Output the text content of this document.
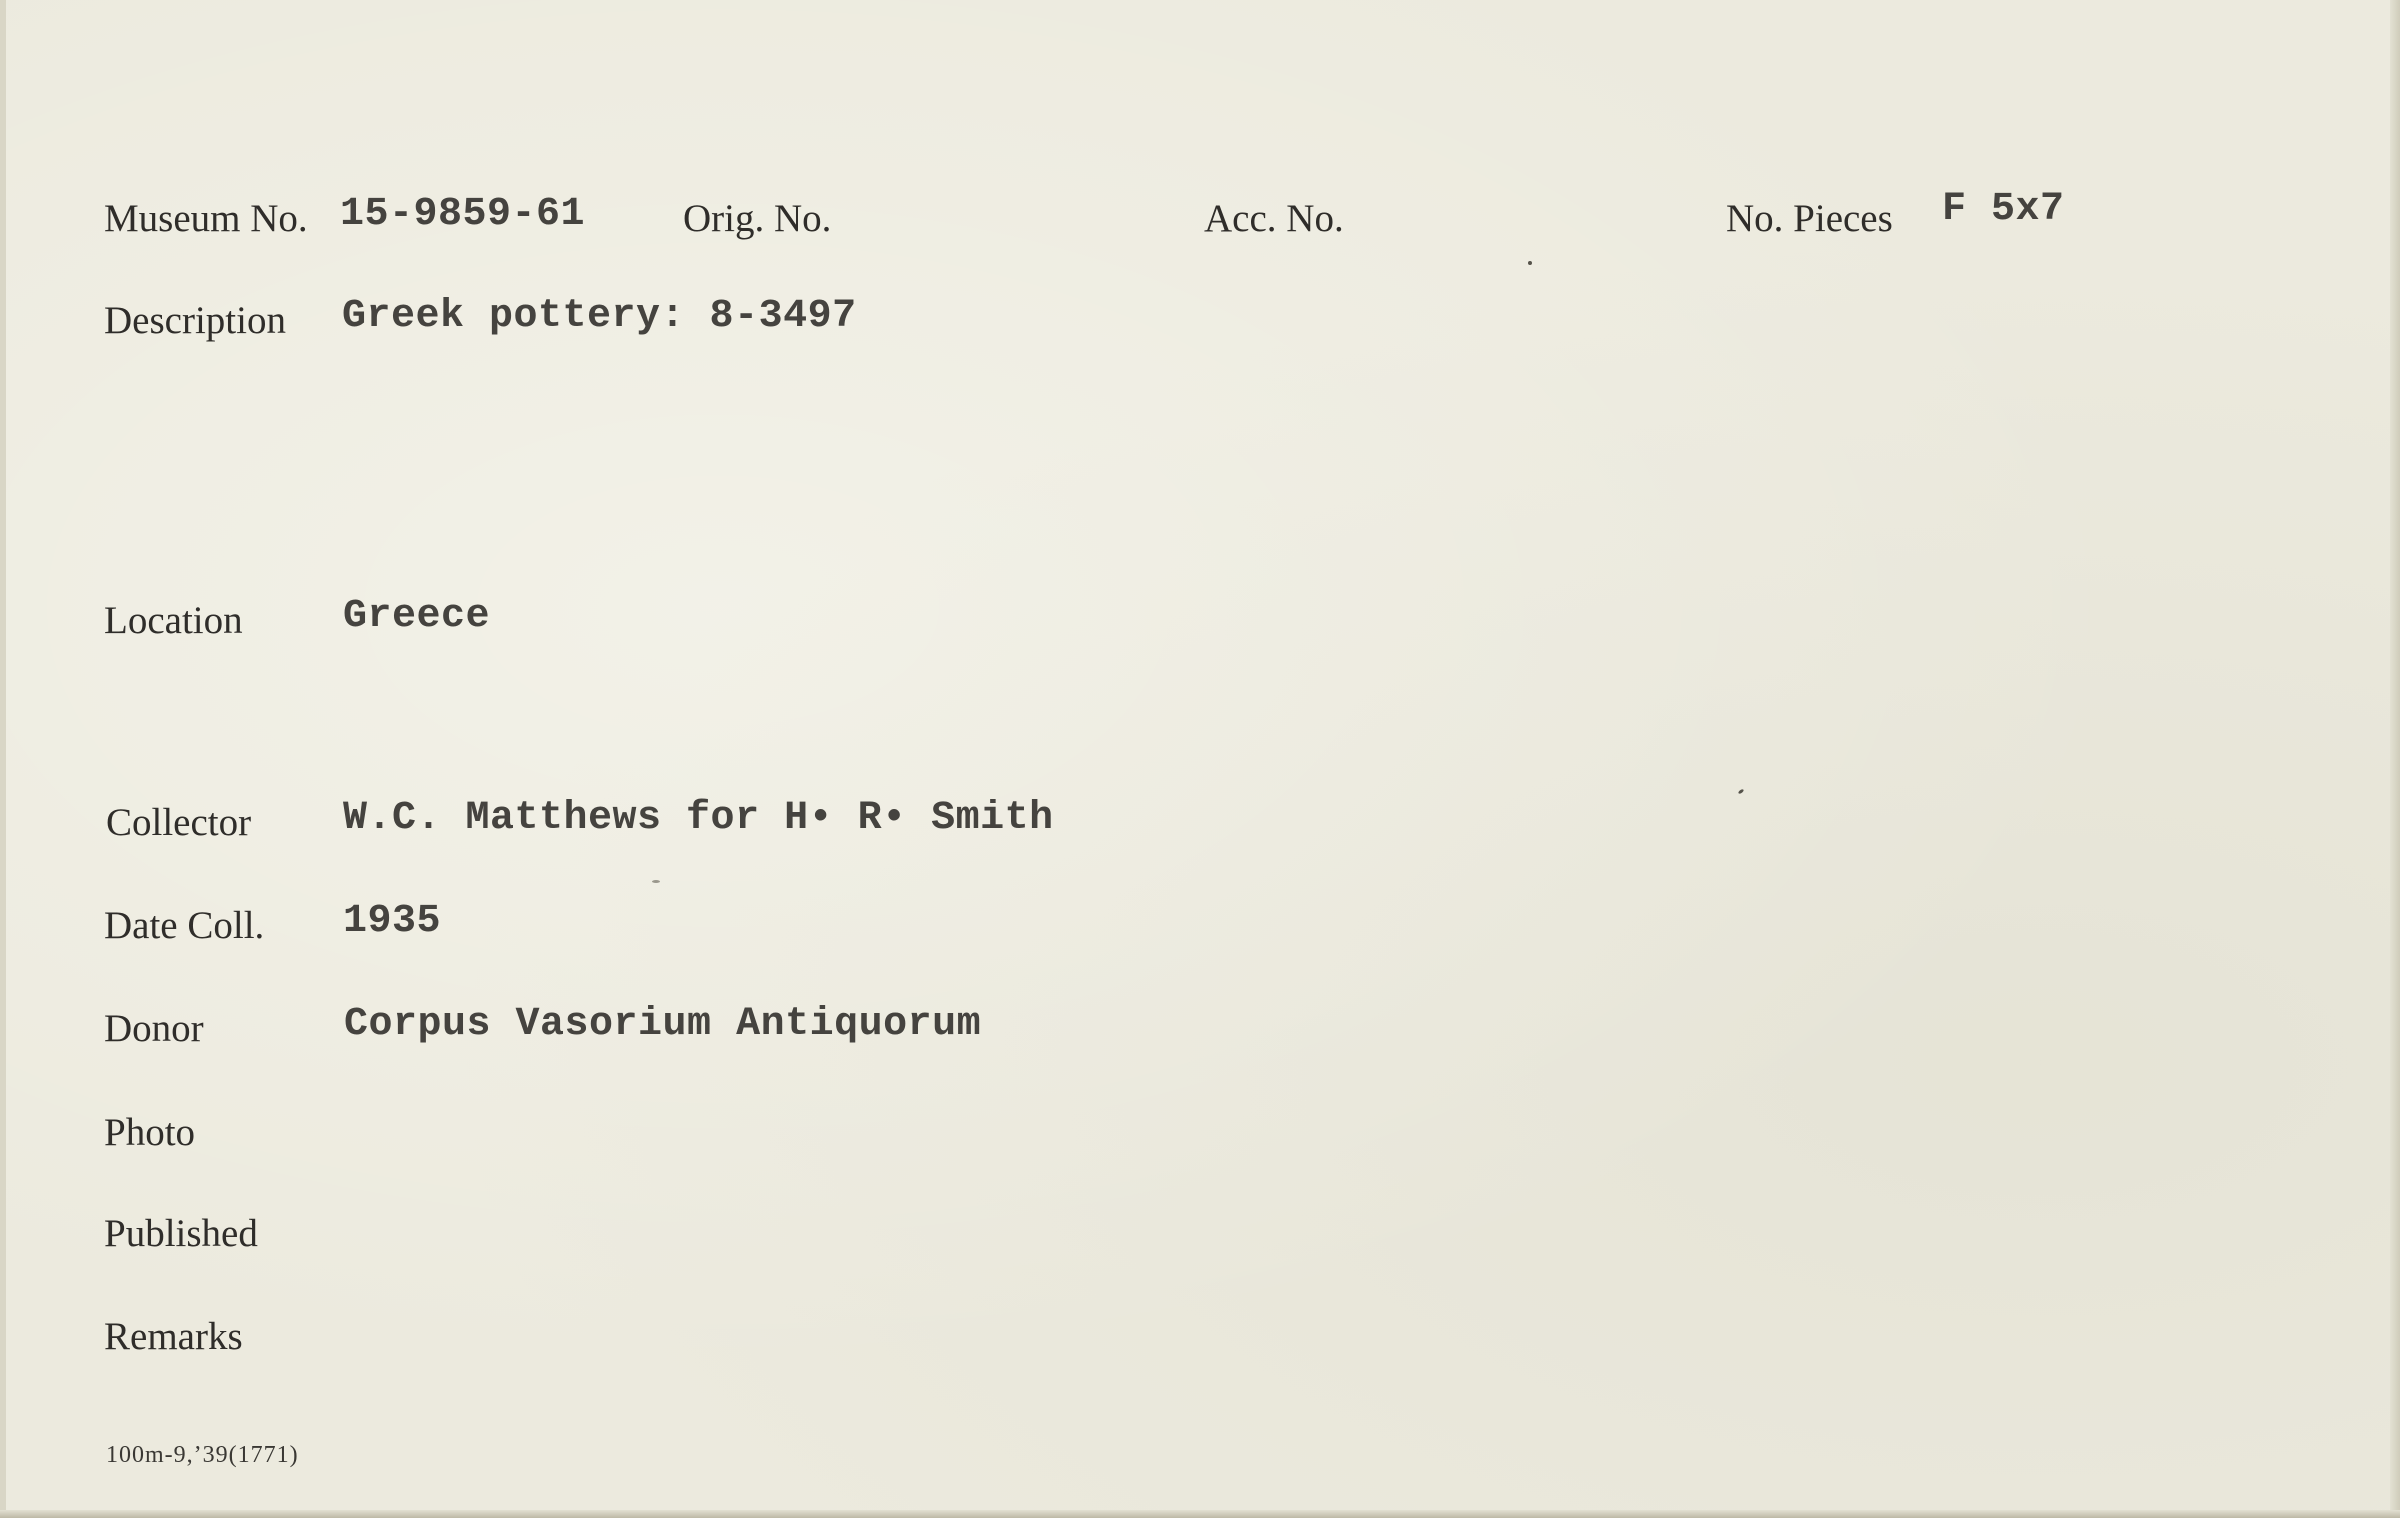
Museum No. 15-9859-61	Orig. No.	Acc. No.	No. Pieces F 5x7
Description Greek pottery: 8-3497
Location	Greece
Collector W.C. Matthews for H• R• Smith
Date Coll. 1935
Donor	Corpus Vasorium Antiquorum
Photo
Published
Remarks
100m-9,’39(1771)
